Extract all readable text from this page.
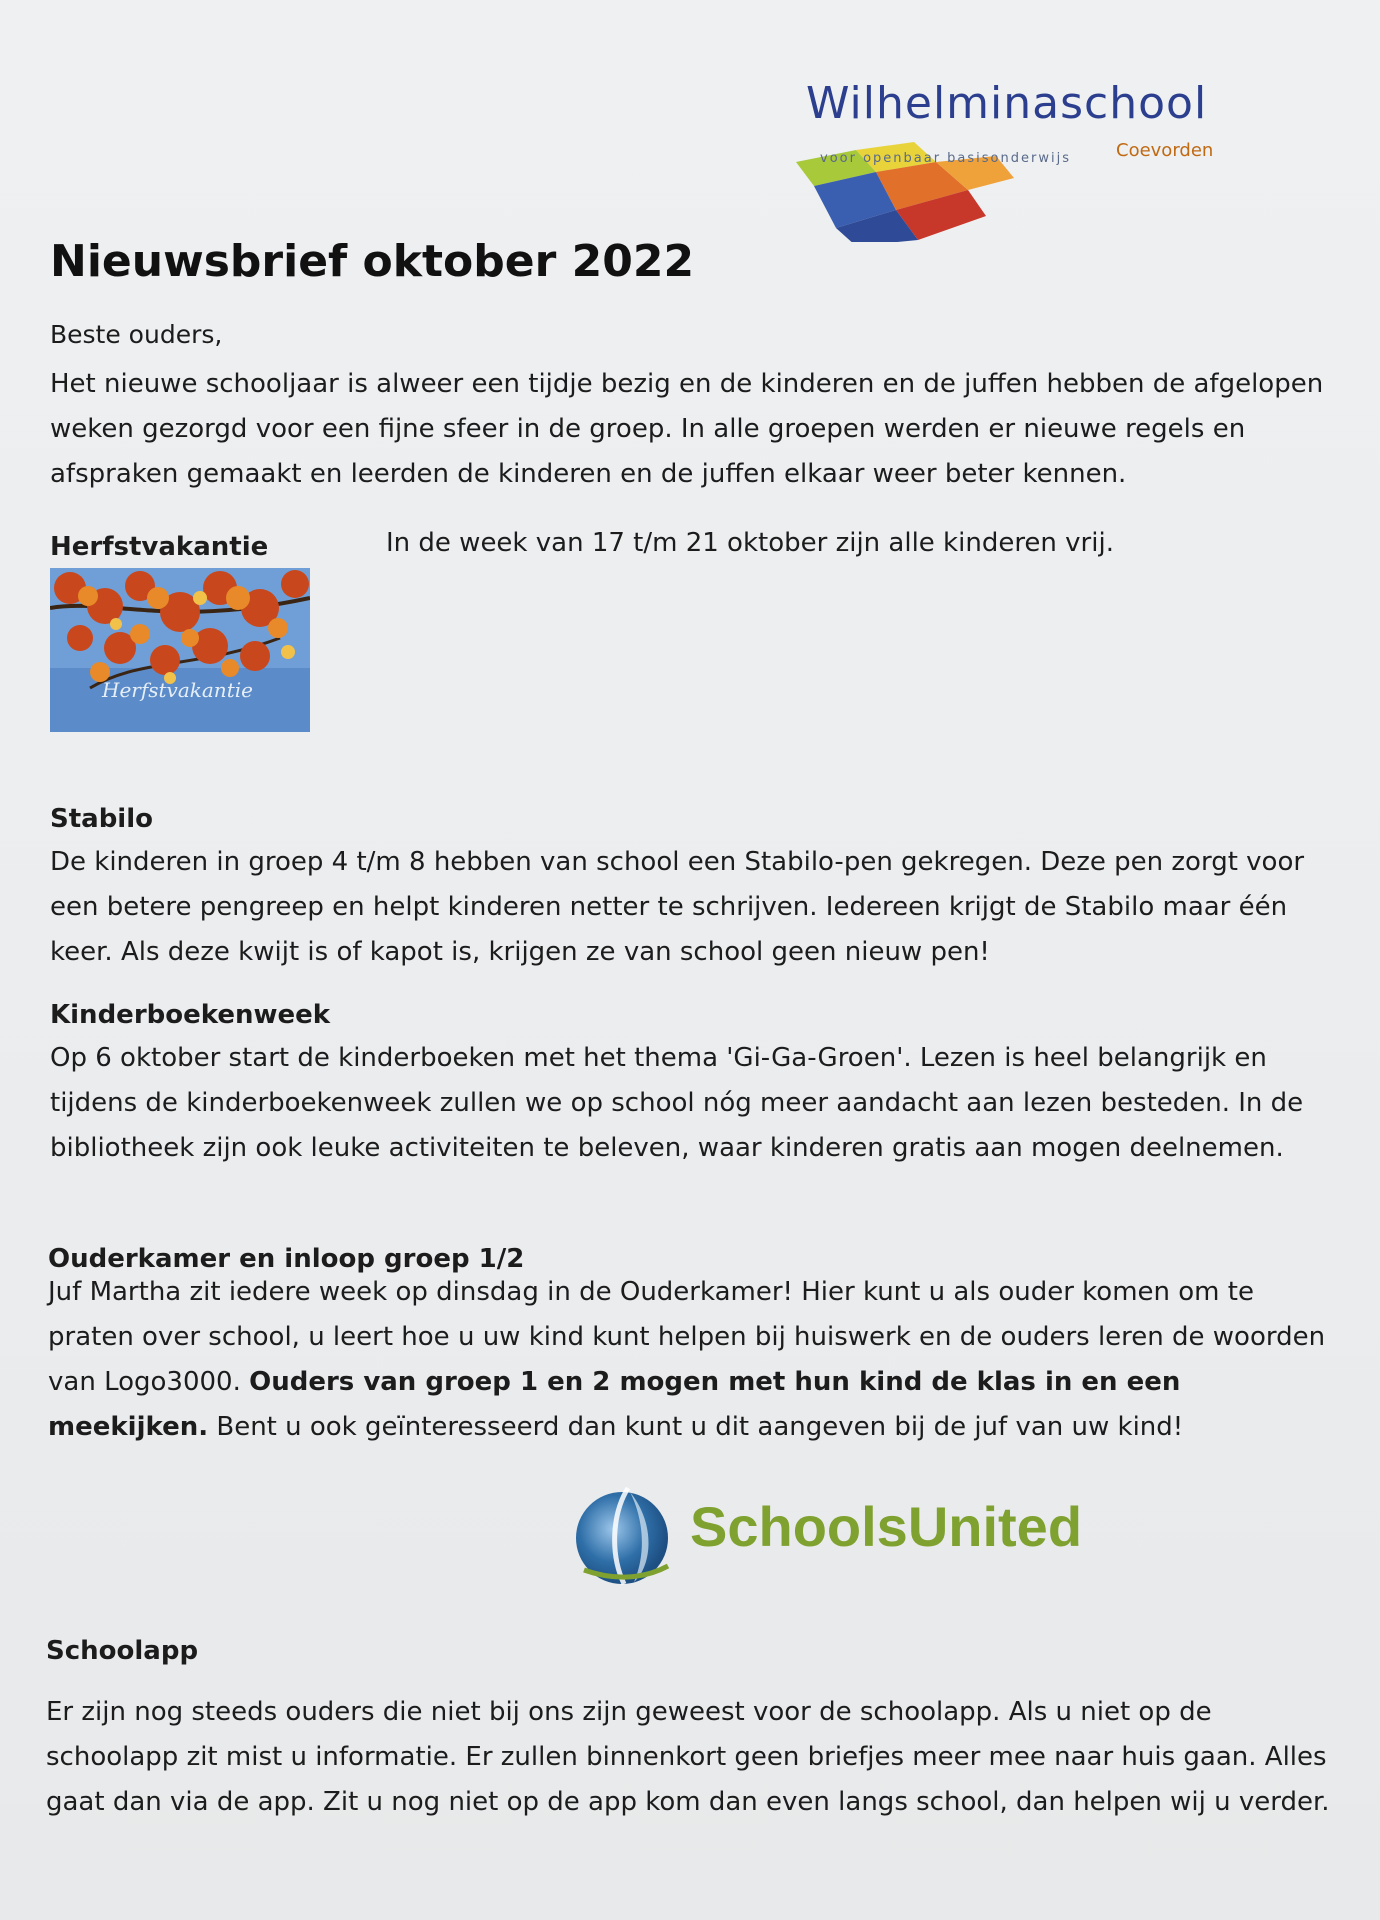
Wilhelminaschool

voor openbaar basisonderwijs	Coevorden

Nieuwsbrief oktober 2022

Beste ouders,

Het nieuwe schooljaar is alweer een tijdje bezig en de kinderen en de juffen hebben de afgelopen weken gezorgd voor een fijne sfeer in de groep. In alle groepen werden er nieuwe regels en afspraken gemaakt en leerden de kinderen en de juffen elkaar weer beter kennen.

Herfstvakantie

Herfstvakantie

In de week van 17 t/m 21 oktober zijn alle kinderen vrij.

Stabilo

De kinderen in groep 4 t/m 8 hebben van school een Stabilo-pen gekregen. Deze pen zorgt voor een betere pengreep en helpt kinderen netter te schrijven. Iedereen krijgt de Stabilo maar één keer. Als deze kwijt is of kapot is, krijgen ze van school geen nieuw pen!

Kinderboekenweek

Op 6 oktober start de kinderboeken met het thema 'Gi-Ga-Groen'. Lezen is heel belangrijk en tijdens de kinderboekenweek zullen we op school nóg meer aandacht aan lezen besteden. In de bibliotheek zijn ook leuke activiteiten te beleven, waar kinderen gratis aan mogen deelnemen.

Ouderkamer en inloop groep 1/2

Juf Martha zit iedere week op dinsdag in de Ouderkamer! Hier kunt u als ouder komen om te praten over school, u leert hoe u uw kind kunt helpen bij huiswerk en de ouders leren de woorden van Logo3000. Ouders van groep 1 en 2 mogen met hun kind de klas in en een meekijken. Bent u ook geïnteresseerd dan kunt u dit aangeven bij de juf van uw kind!

SchoolsUnited

Schoolapp

Er zijn nog steeds ouders die niet bij ons zijn geweest voor de schoolapp. Als u niet op de schoolapp zit mist u informatie. Er zullen binnenkort geen briefjes meer mee naar huis gaan. Alles gaat dan via de app. Zit u nog niet op de app kom dan even langs school, dan helpen wij u verder.
